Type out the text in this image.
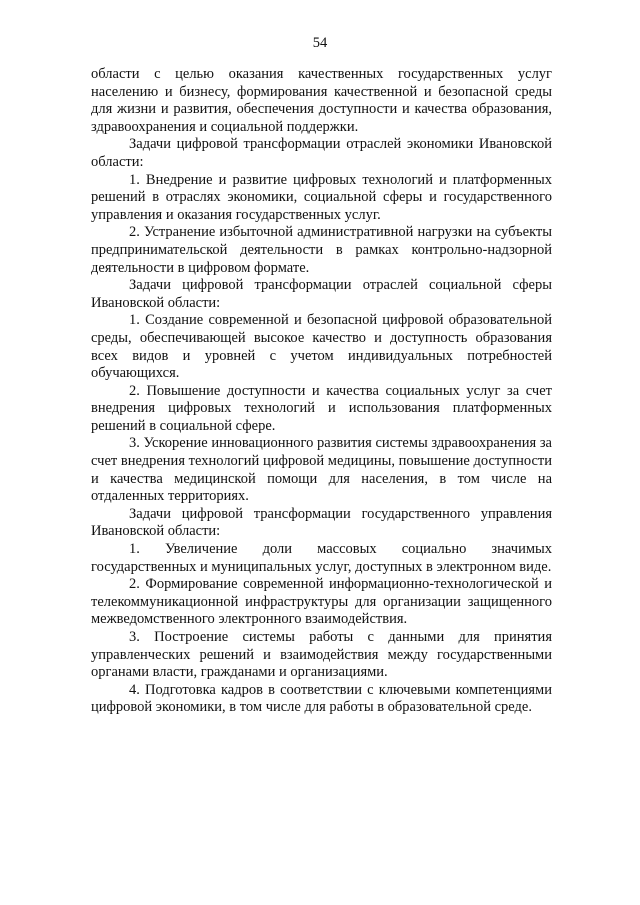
54

области с целью оказания качественных государственных услуг населению и бизнесу, формирования качественной и безопасной среды для жизни и развития, обеспечения доступности и качества образования, здравоохранения и социальной поддержки.

Задачи цифровой трансформации отраслей экономики Ивановской области:

1. Внедрение и развитие цифровых технологий и платформенных решений в отраслях экономики, социальной сферы и государственного управления и оказания государственных услуг.

2. Устранение избыточной административной нагрузки на субъекты предпринимательской деятельности в рамках контрольно-надзорной деятельности в цифровом формате.

Задачи цифровой трансформации отраслей социальной сферы Ивановской области:

1. Создание современной и безопасной цифровой образовательной среды, обеспечивающей высокое качество и доступность образования всех видов и уровней с учетом индивидуальных потребностей обучающихся.

2. Повышение доступности и качества социальных услуг за счет внедрения цифровых технологий и использования платформенных решений в социальной сфере.

3. Ускорение инновационного развития системы здравоохранения за счет внедрения технологий цифровой медицины, повышение доступности и качества медицинской помощи для населения, в том числе на отдаленных территориях.

Задачи цифровой трансформации государственного управления Ивановской области:

1. Увеличение доли массовых социально значимых государственных и муниципальных услуг, доступных в электронном виде.

2. Формирование современной информационно-технологической и телекоммуникационной инфраструктуры для организации защищенного межведомственного электронного взаимодействия.

3. Построение системы работы с данными для принятия управленческих решений и взаимодействия между государственными органами власти, гражданами и организациями.

4. Подготовка кадров в соответствии с ключевыми компетенциями цифровой экономики, в том числе для работы в образовательной среде.
